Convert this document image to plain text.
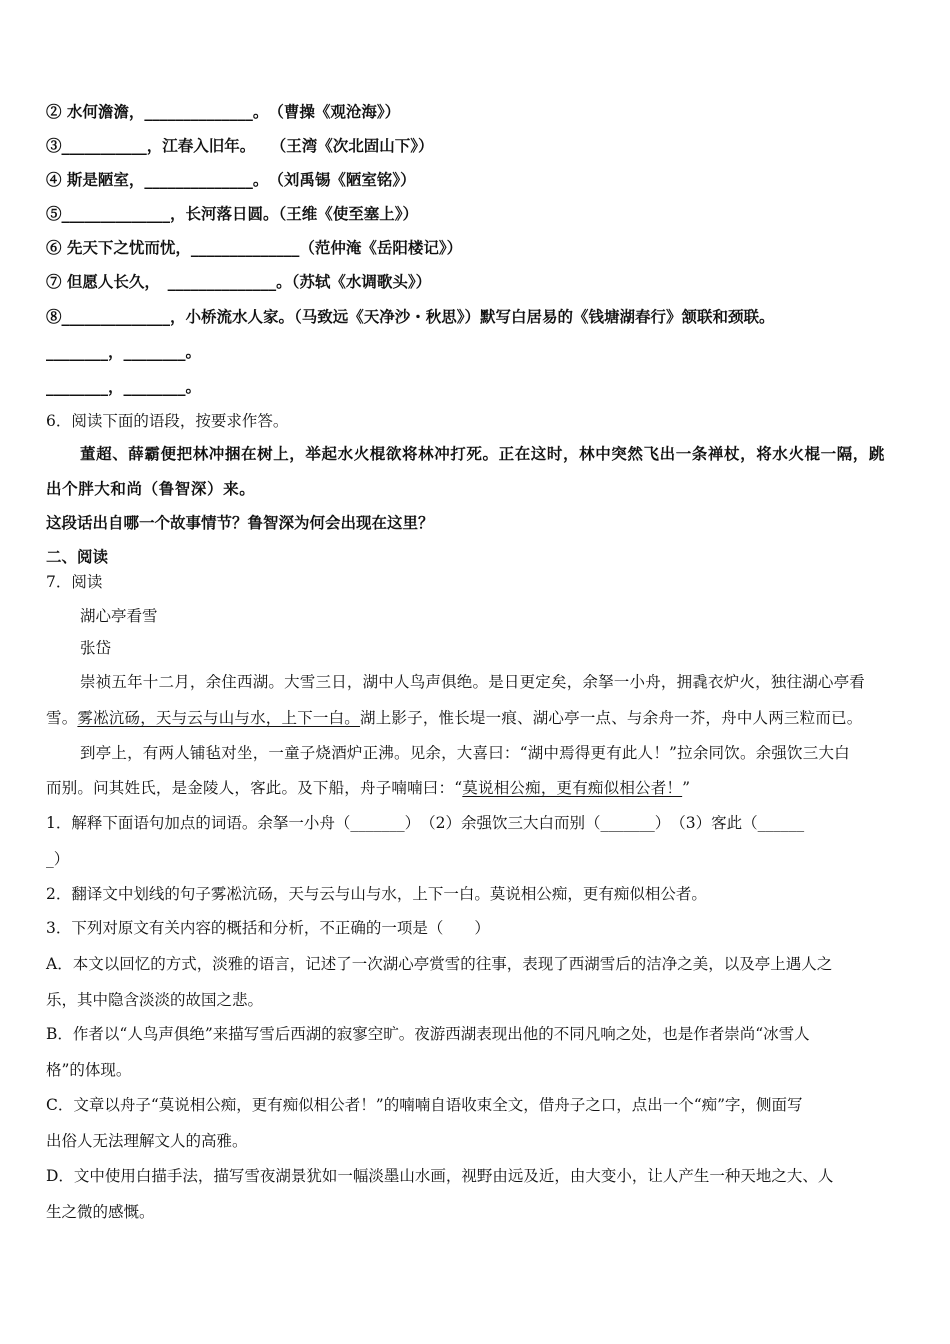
② 水何澹澹，______________。　（曹操《观沧海》）
③___________，江春入旧年。　　（王湾《次北固山下》）
④ 斯是陋室，______________。　（刘禹锡《陋室铭》）
⑤______________，长河落日圆。（王维《使至塞上》）
⑥ 先天下之忧而忧，______________（范仲淹《岳阳楼记》）
⑦ 但愿人长久，　______________。（苏轼《水调歌头》）
⑧______________，小桥流水人家。（马致远《天净沙・秋思》）默写白居易的《钱塘湖春行》颔联和颈联。
________，________。
________，________。
6．阅读下面的语段，按要求作答。
董超、薛霸便把林冲捆在树上，举起水火棍欲将林冲打死。正在这时，林中突然飞出一条禅杖，将水火棍一隔，跳
出个胖大和尚（鲁智深）来。
这段话出自哪一个故事情节？鲁智深为何会出现在这里？
二、阅读
7．阅读
湖心亭看雪
张岱
崇祯五年十二月，余住西湖。大雪三日，湖中人鸟声俱绝。是日更定矣，余拏一小舟，拥毳衣炉火，独往湖心亭看
雪。雾凇沆砀，天与云与山与水，上下一白。湖上影子，惟长堤一痕、湖心亭一点、与余舟一芥，舟中人两三粒而已。
到亭上，有两人铺毡对坐，一童子烧酒炉正沸。见余，大喜曰：“湖中焉得更有此人！”拉余同饮。余强饮三大白
而别。问其姓氏，是金陵人，客此。及下船，舟子喃喃曰：“莫说相公痴，更有痴似相公者！”
1．解释下面语句加点的词语。余拏一小舟（_______）　（2）余强饮三大白而别（_______）　（3）客此（______
_）
2．翻译文中划线的句子雾凇沆砀，天与云与山与水，上下一白。莫说相公痴，更有痴似相公者。
3．下列对原文有关内容的概括和分析，不正确的一项是（　　）
A．本文以回忆的方式，淡雅的语言，记述了一次湖心亭赏雪的往事，表现了西湖雪后的洁净之美，以及亭上遇人之
乐，其中隐含淡淡的故国之悲。
B．作者以“人鸟声俱绝”来描写雪后西湖的寂寥空旷。夜游西湖表现出他的不同凡响之处，也是作者崇尚“冰雪人
格”的体现。
C．文章以舟子“莫说相公痴，更有痴似相公者！”的喃喃自语收束全文，借舟子之口，点出一个“痴”字，侧面写
出俗人无法理解文人的高雅。
D．文中使用白描手法，描写雪夜湖景犹如一幅淡墨山水画，视野由远及近，由大变小，让人产生一种天地之大、人
生之微的感慨。
